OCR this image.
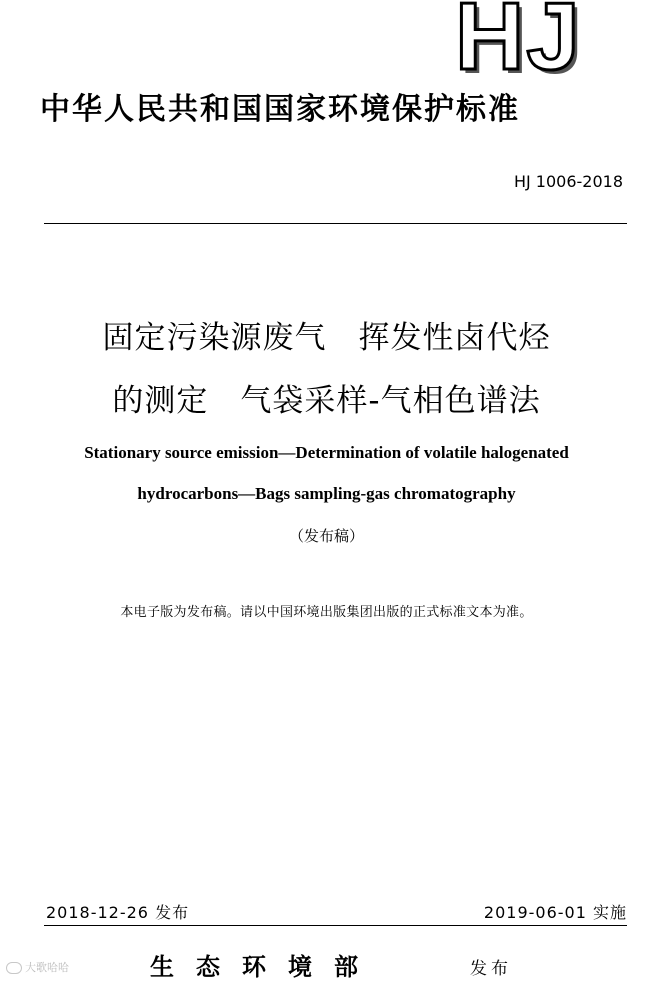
HJ
中华人民共和国国家环境保护标准
HJ 1006-2018
固定污染源废气　挥发性卤代烃
的测定　气袋采样-气相色谱法
Stationary source emission—Determination of volatile halogenated
hydrocarbons—Bags sampling-gas chromatography
（发布稿）
本电子版为发布稿。请以中国环境出版集团出版的正式标准文本为准。
2018-12-26 发布	2019-06-01 实施
生态环境部	发布
大歌哈哈
